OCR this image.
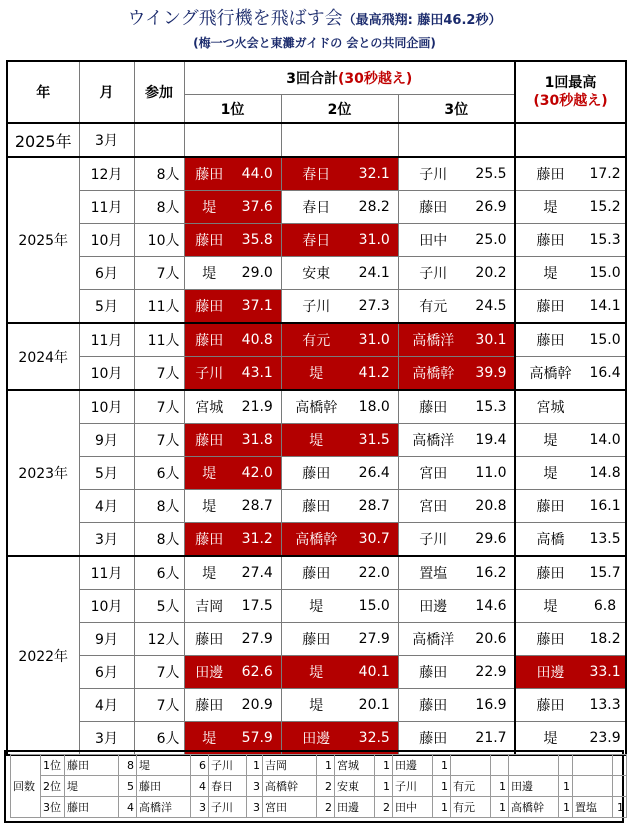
ウイング飛行機を飛ばす会（最高飛翔: 藤田46.2秒）
(梅一つ火会と東灘ガイドの 会との共同企画)
年	月	参加	3回合計(30秒越え)						1回最高
(30秒越え)	

			1位		2位		3位			
2025年	3月									
2025年	12月	8人	藤田	44.0	春日	32.1	子川	25.5	藤田	17.2
	11月	8人	堤	37.6	春日	28.2	藤田	26.9	堤	15.2
	10月	10人	藤田	35.8	春日	31.0	田中	25.0	藤田	15.3
	6月	7人	堤	29.0	安東	24.1	子川	20.2	堤	15.0
	5月	11人	藤田	37.1	子川	27.3	有元	24.5	藤田	14.1
2024年	11月	11人	藤田	40.8	有元	31.0	高橋洋	30.1	藤田	15.0
	10月	7人	子川	43.1	堤	41.2	高橋幹	39.9	高橋幹	16.4
2023年	10月	7人	宮城	21.9	高橋幹	18.0	藤田	15.3	宮城	
	9月	7人	藤田	31.8	堤	31.5	高橋洋	19.4	堤	14.0
	5月	6人	堤	42.0	藤田	26.4	宮田	11.0	堤	14.8
	4月	8人	堤	28.7	藤田	28.7	宮田	20.8	藤田	16.1
	3月	8人	藤田	31.2	高橋幹	30.7	子川	29.6	高橋	13.5
2022年	11月	6人	堤	27.4	藤田	22.0	置塩	16.2	藤田	15.7
	10月	5人	吉岡	17.5	堤	15.0	田邊	14.6	堤	6.8
	9月	12人	藤田	27.9	藤田	27.9	高橋洋	20.6	藤田	18.2
	6月	7人	田邊	62.6	堤	40.1	藤田	22.9	田邊	33.1
	4月	7人	藤田	20.9	堤	20.1	藤田	16.9	藤田	13.3
	3月	6人	堤	57.9	田邊	32.5	藤田	21.7	堤	23.9
回数	1位	藤田	8	堤	6	子川	1	吉岡	1	宮城	1	田邊	1						
	2位	堤	5	藤田	4	春日	3	高橋幹	2	安東	1	子川	1	有元	1	田邊	1		
	3位	藤田	4	高橋洋	3	子川	3	宮田	2	田邊	2	田中	1	有元	1	高橋幹	1	置塩	1
